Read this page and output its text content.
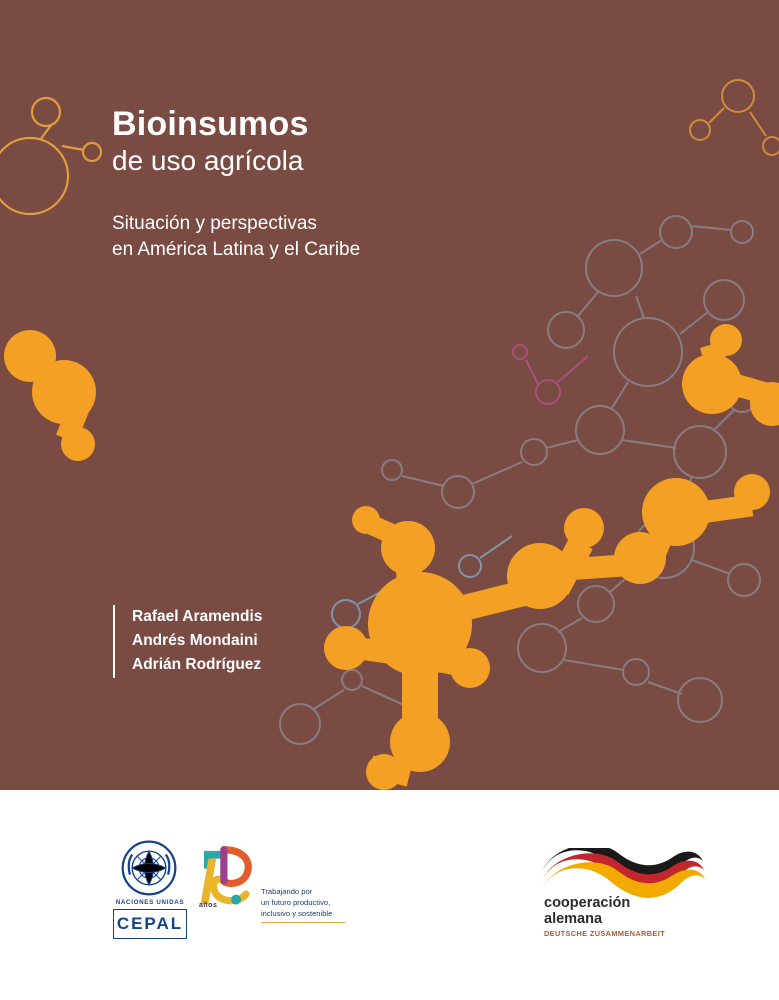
Bioinsumos
de uso agrícola
Situación y perspectivas
en América Latina y el Caribe
Rafael Aramendis
Andrés Mondaini
Adrián Rodríguez
NACIONES UNIDAS
CEPAL
años
Trabajando por
un futuro productivo,
inclusivo y sostenible
cooperación
alemana
DEUTSCHE ZUSAMMENARBEIT
